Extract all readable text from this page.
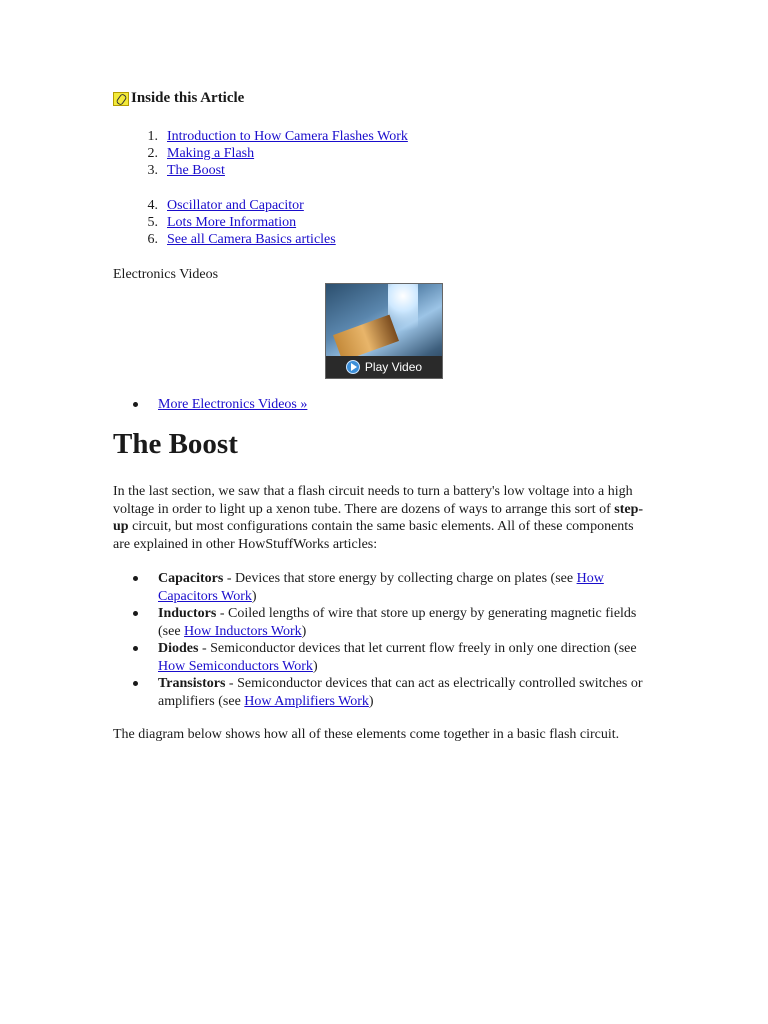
Inside this Article
1. Introduction to How Camera Flashes Work
2. Making a Flash
3. The Boost
4. Oscillator and Capacitor
5. Lots More Information
6. See all Camera Basics articles
Electronics Videos
Play Video
More Electronics Videos »
The Boost

In the last section, we saw that a flash circuit needs to turn a battery's low voltage into a high voltage in order to light up a xenon tube. There are dozens of ways to arrange this sort of step-up circuit, but most configurations contain the same basic elements. All of these components are explained in other HowStuffWorks articles:

Capacitors - Devices that store energy by collecting charge on plates (see How Capacitors Work)
Inductors - Coiled lengths of wire that store up energy by generating magnetic fields (see How Inductors Work)
Diodes - Semiconductor devices that let current flow freely in only one direction (see How Semiconductors Work)
Transistors - Semiconductor devices that can act as electrically controlled switches or amplifiers (see How Amplifiers Work)

The diagram below shows how all of these elements come together in a basic flash circuit.
